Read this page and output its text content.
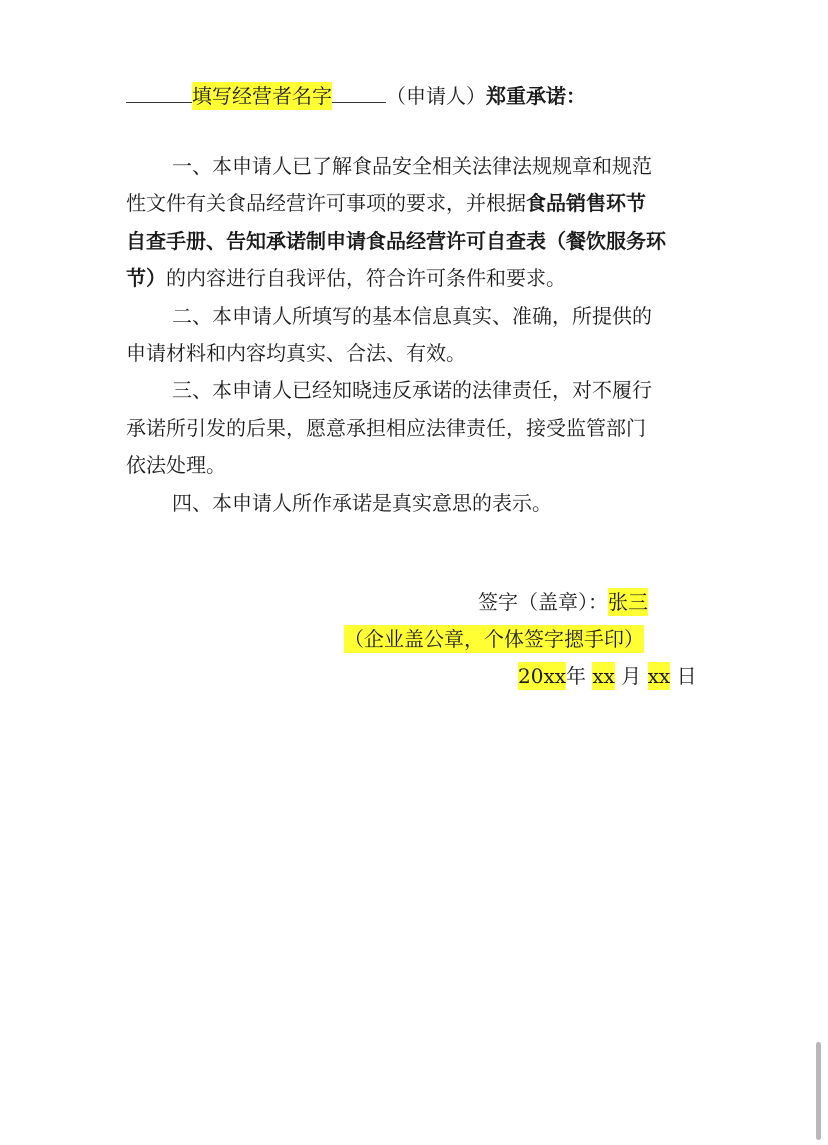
填写经营者名字	（申请人）郑重承诺：
一、本申请人已了解食品安全相关法律法规规章和规范
性文件有关食品经营许可事项的要求，并根据食品销售环节
自查手册、告知承诺制申请食品经营许可自查表（餐饮服务环
节）的内容进行自我评估，符合许可条件和要求。
二、本申请人所填写的基本信息真实、准确，所提供的
申请材料和内容均真实、合法、有效。
三、本申请人已经知晓违反承诺的法律责任，对不履行
承诺所引发的后果，愿意承担相应法律责任，接受监管部门
依法处理。
四、本申请人所作承诺是真实意思的表示。
签字（盖章）：张三
（企业盖公章，个体签字摁手印）
20xx年 xx 月 xx 日
